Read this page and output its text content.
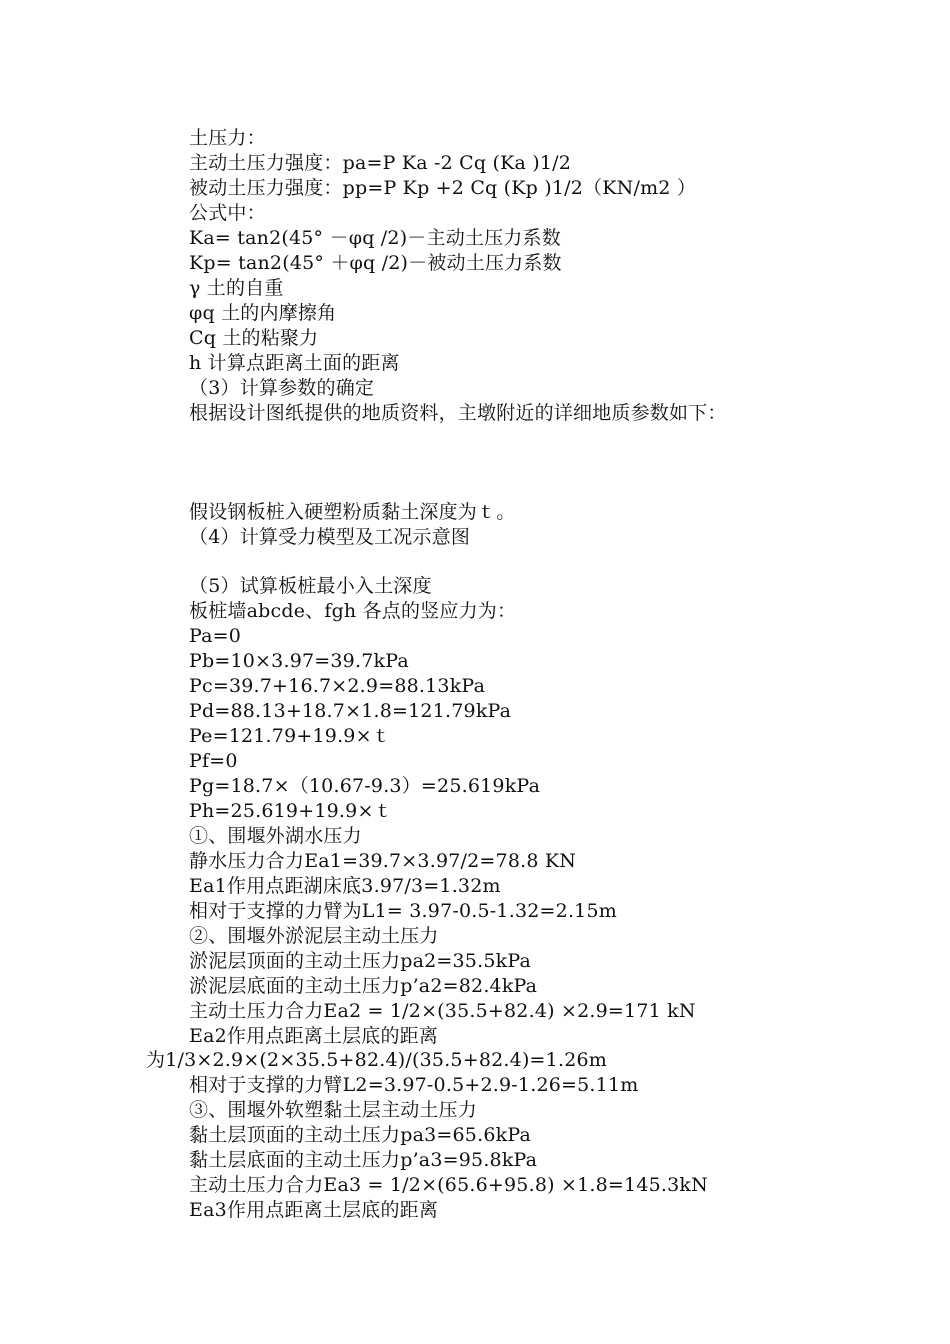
土压力：
主动土压力强度：pa=P Ka -2 Cq (Ka )1/2
被动土压力强度：pp=P Kp +2 Cq (Kp )1/2（KN/m2 ）
公式中：
Ka= tan2(45° －φq /2)－主动土压力系数
Kp= tan2(45° ＋φq /2)－被动土压力系数
γ 土的自重
φq 土的内摩擦角
Cq 土的粘聚力
h 计算点距离土面的距离
（3）计算参数的确定
根据设计图纸提供的地质资料，主墩附近的详细地质参数如下：
假设钢板桩入硬塑粉质黏土深度为ｔ。
（4）计算受力模型及工况示意图
（5）试算板桩最小入土深度
板桩墙abcde、fgh 各点的竖应力为：
Pa=0
Pb=10×3.97=39.7kPa
Pc=39.7+16.7×2.9=88.13kPa
Pd=88.13+18.7×1.8=121.79kPa
Pe=121.79+19.9×ｔ
Pf=0
Pg=18.7×（10.67-9.3）=25.619kPa
Ph=25.619+19.9×ｔ
①、围堰外湖水压力
静水压力合力Ea1=39.7×3.97/2=78.8 KN
Ea1作用点距湖床底3.97/3=1.32m
相对于支撑的力臂为L1= 3.97-0.5-1.32=2.15m
②、围堰外淤泥层主动土压力
淤泥层顶面的主动土压力pa2=35.5kPa
淤泥层底面的主动土压力p’a2=82.4kPa
主动土压力合力Ea2 = 1/2×(35.5+82.4) ×2.9=171 kN
Ea2作用点距离土层底的距离
为1/3×2.9×(2×35.5+82.4)/(35.5+82.4)=1.26m
相对于支撑的力臂L2=3.97-0.5+2.9-1.26=5.11m
③、围堰外软塑黏土层主动土压力
黏土层顶面的主动土压力pa3=65.6kPa
黏土层底面的主动土压力p’a3=95.8kPa
主动土压力合力Ea3 = 1/2×(65.6+95.8) ×1.8=145.3kN
Ea3作用点距离土层底的距离
